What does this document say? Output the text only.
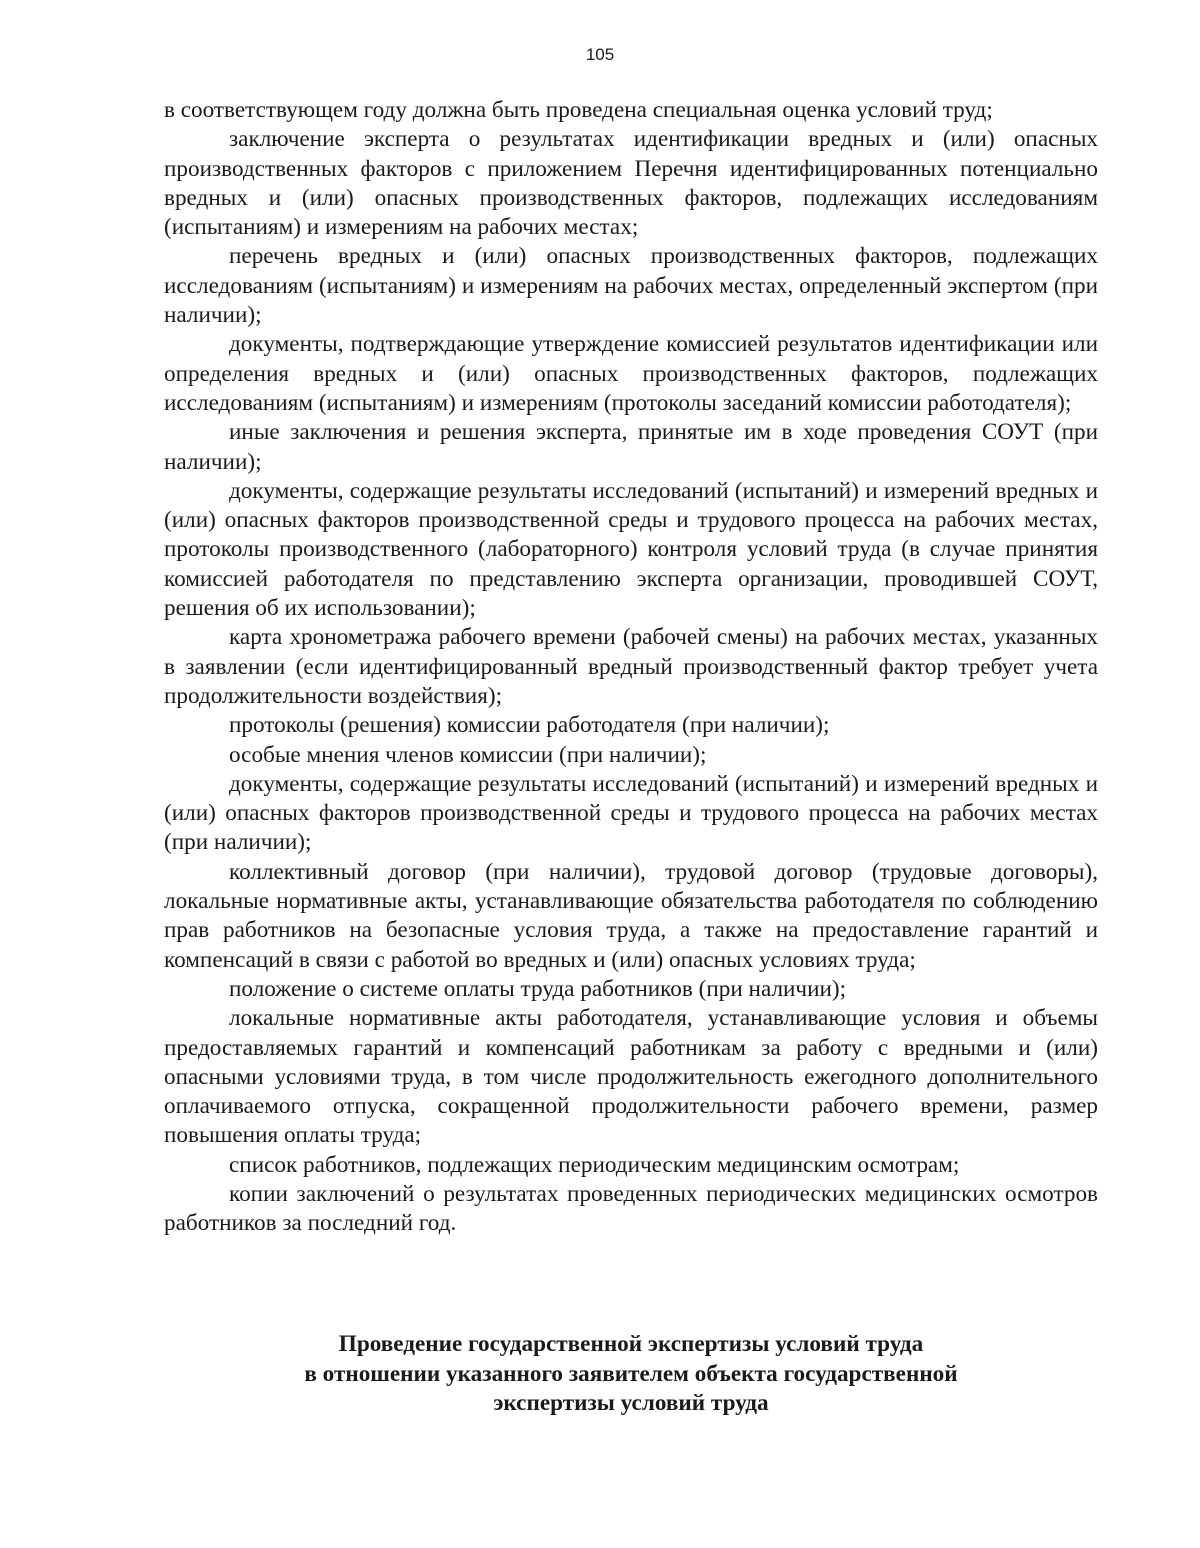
105

в соответствующем году должна быть проведена специальная оценка условий труд;

заключение эксперта о результатах идентификации вредных и (или) опасных производственных факторов с приложением Перечня идентифицированных потенциально вредных и (или) опасных производственных факторов, подлежащих исследованиям (испытаниям) и измерениям на рабочих местах;

перечень вредных и (или) опасных производственных факторов, подлежащих исследованиям (испытаниям) и измерениям на рабочих местах, определенный экспертом (при наличии);

документы, подтверждающие утверждение комиссией результатов идентификации или определения вредных и (или) опасных производственных факторов, подлежащих исследованиям (испытаниям) и измерениям (протоколы заседаний комиссии работодателя);

иные заключения и решения эксперта, принятые им в ходе проведения СОУТ (при наличии);

документы, содержащие результаты исследований (испытаний) и измерений вредных и (или) опасных факторов производственной среды и трудового процесса на рабочих местах, протоколы производственного (лабораторного) контроля условий труда (в случае принятия комиссией работодателя по представлению эксперта организации, проводившей СОУТ, решения об их использовании);

карта хронометража рабочего времени (рабочей смены) на рабочих местах, указанных в заявлении (если идентифицированный вредный производственный фактор требует учета продолжительности воздействия);

протоколы (решения) комиссии работодателя (при наличии);

особые мнения членов комиссии (при наличии);

документы, содержащие результаты исследований (испытаний) и измерений вредных и (или) опасных факторов производственной среды и трудового процесса на рабочих местах (при наличии);

коллективный договор (при наличии), трудовой договор (трудовые договоры), локальные нормативные акты, устанавливающие обязательства работодателя по соблюдению прав работников на безопасные условия труда, а также на предоставление гарантий и компенсаций в связи с работой во вредных и (или) опасных условиях труда;

положение о системе оплаты труда работников (при наличии);

локальные нормативные акты работодателя, устанавливающие условия и объемы предоставляемых гарантий и компенсаций работникам за работу с вредными и (или) опасными условиями труда, в том числе продолжительность ежегодного дополнительного оплачиваемого отпуска, сокращенной продолжительности рабочего времени, размер повышения оплаты труда;

список работников, подлежащих периодическим медицинским осмотрам;

копии заключений о результатах проведенных периодических медицинских осмотров работников за последний год.

Проведение государственной экспертизы условий труда
в отношении указанного заявителем объекта государственной
экспертизы условий труда
